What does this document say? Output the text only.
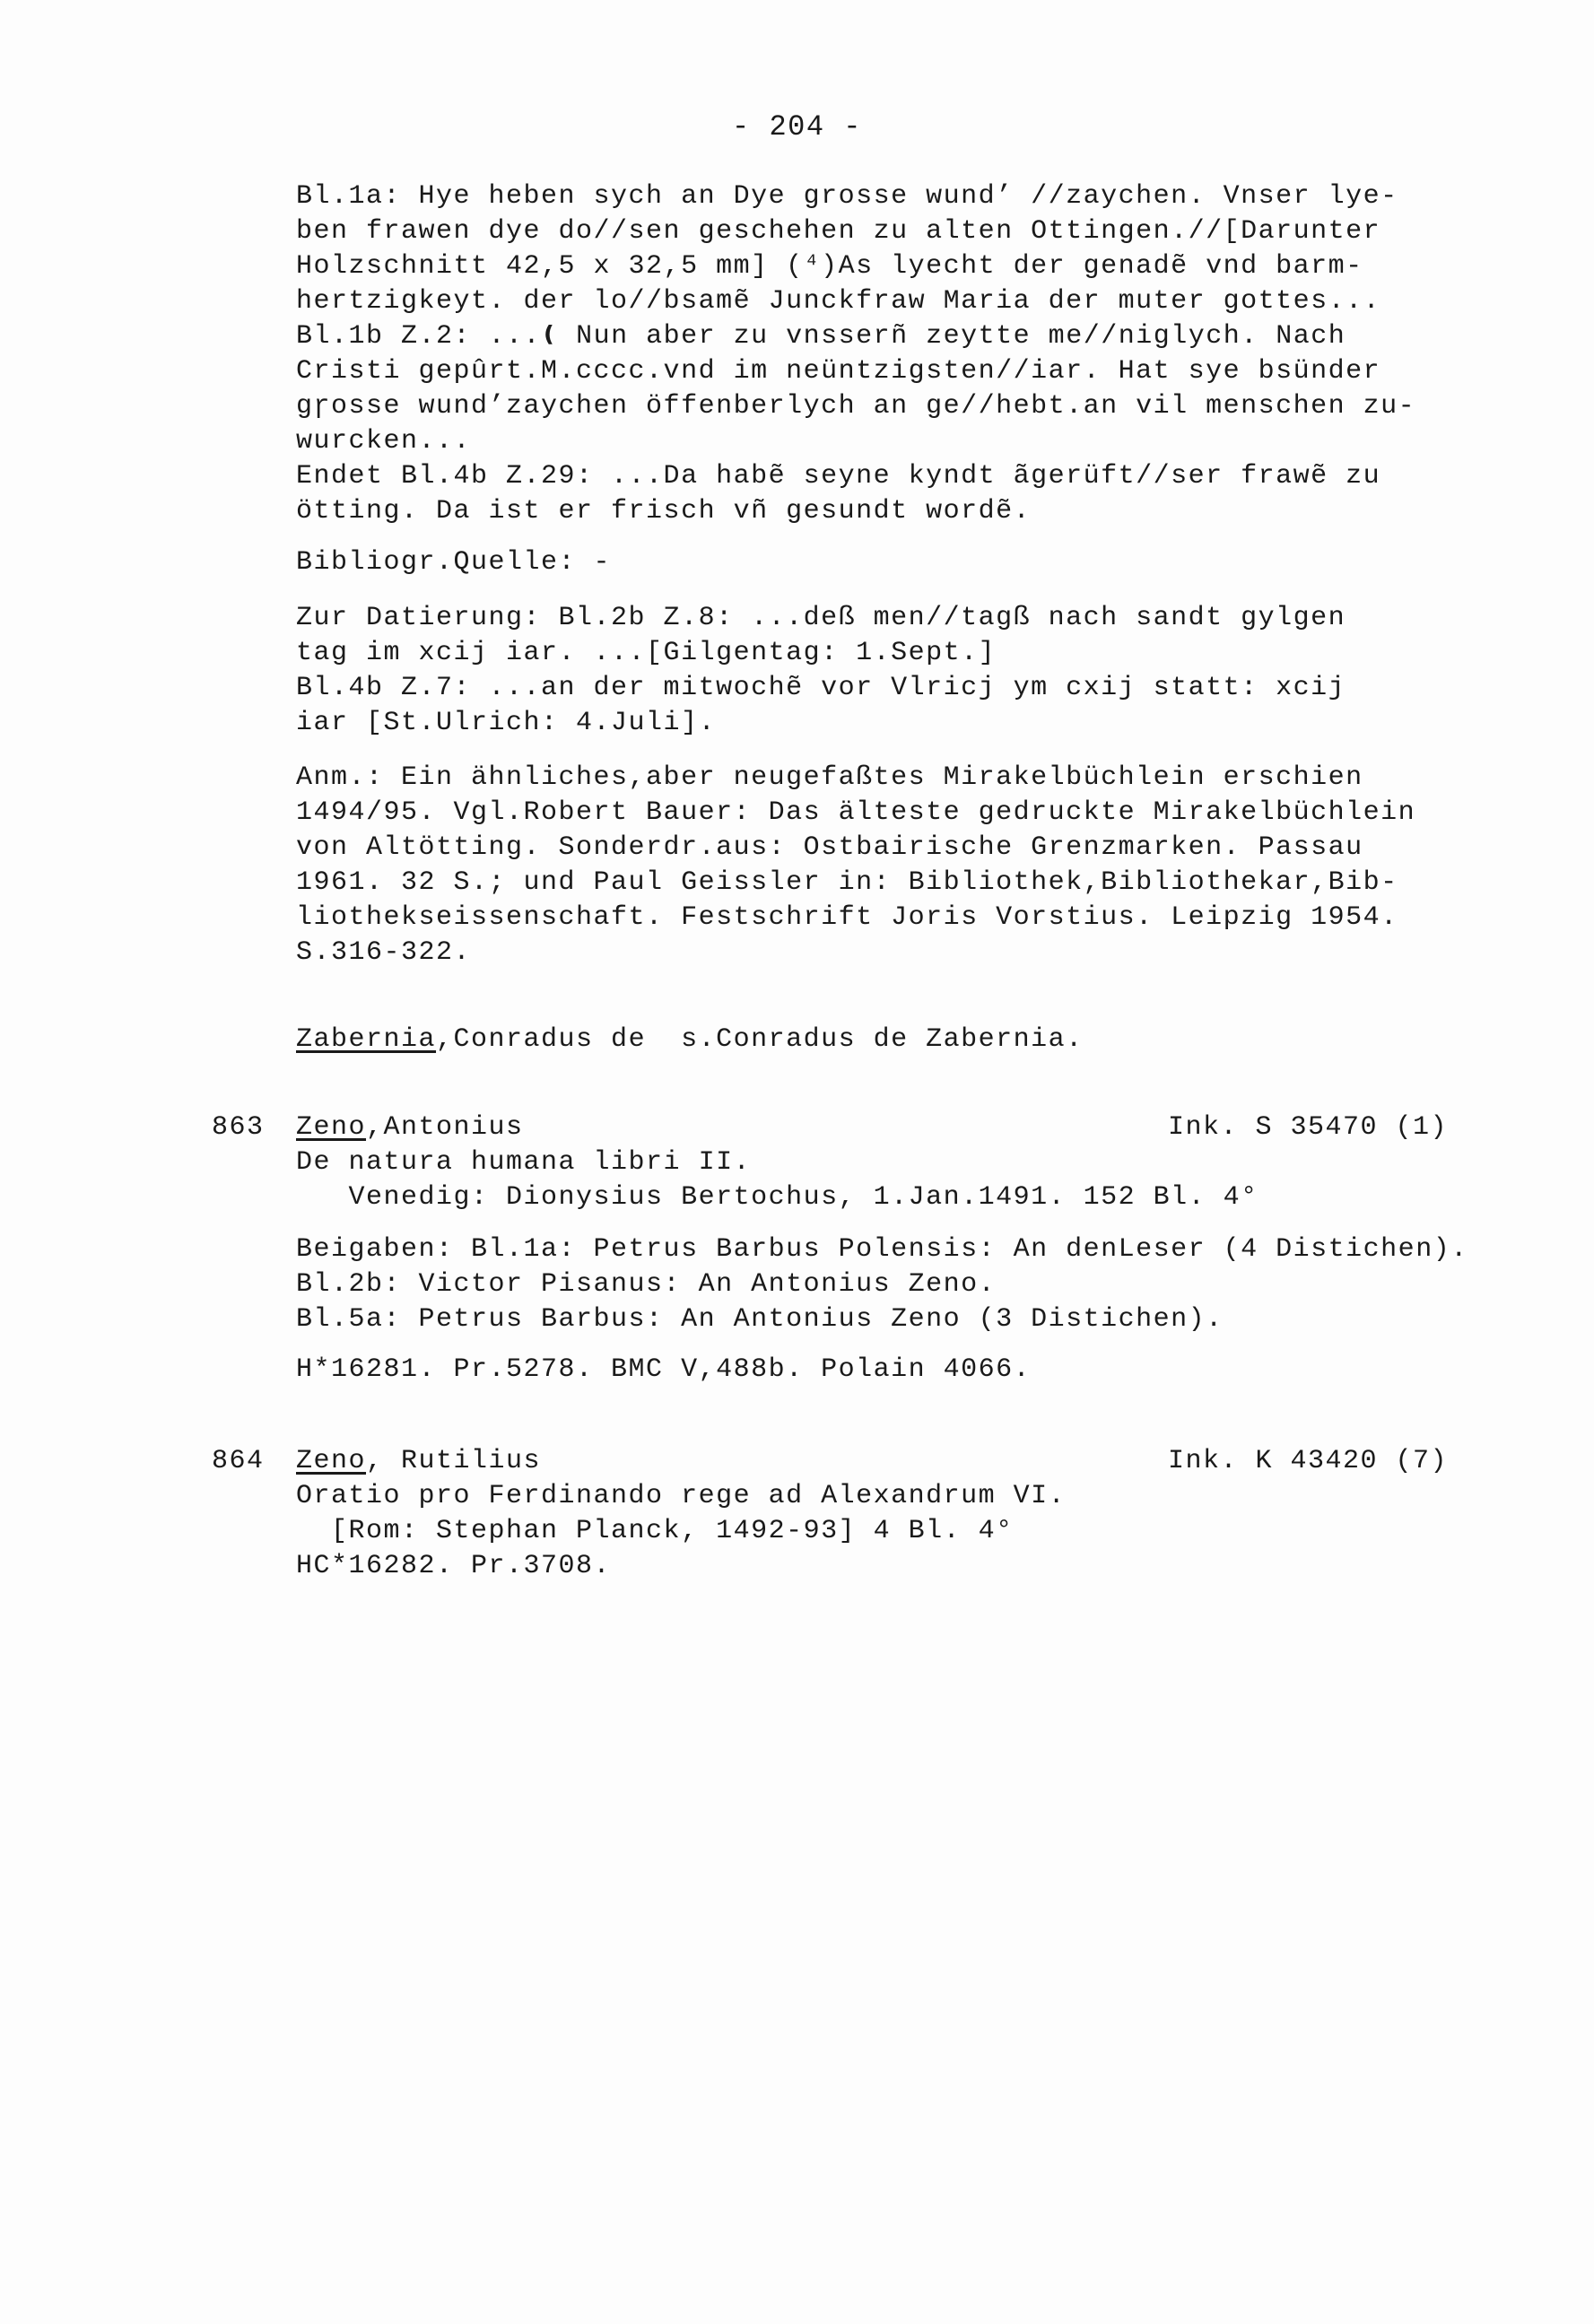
- 204 -
Bl.1a: Hye heben sych an Dye grosse wund’ //zaychen. Vnser lye-
ben frawen dye do//sen geschehen zu alten Ottingen.//[Darunter
Holzschnitt 42,5 x 32,5 mm] (⁴)As lyecht der genadẽ vnd barm-
hertzigkeyt. der lo//bsamẽ Junckfraw Maria der muter gottes...
Bl.1b Z.2: ...❪ Nun aber zu vnsserñ zeytte me//niglych. Nach
Cristi gepûrt.M.cccc.vnd im neüntzigsten//iar. Hat sye bsünder
gɼosse wund’zaychen öffenberlych an ge//hebt.an vil menschen zu-
wurcken...
Endet Bl.4b Z.29: ...Da habẽ seyne kyndt ãgerüft//ser frawẽ zu
ötting. Da ist er frisch vñ gesundt wordẽ.
Bibliogr.Quelle: -
Zur Datierung: Bl.2b Z.8: ...deß men//tagß nach sandt gylgen
tag im xcij iar. ...[Gilgentag: 1.Sept.]
Bl.4b Z.7: ...an der mitwochẽ vor Vlricj ym cxij statt: xcij
iar [St.Ulrich: 4.Juli].
Anm.: Ein ähnliches,aber neugefaßtes Mirakelbüchlein erschien
1494/95. Vgl.Robert Bauer: Das älteste gedruckte Mirakelbüchlein
von Altötting. Sonderdr.aus: Ostbairische Grenzmarken. Passau
1961. 32 S.; und Paul Geissler in: Bibliothek,Bibliothekar,Bib-
liothekseissenschaft. Festschrift Joris Vorstius. Leipzig 1954.
S.316-322.
Zabernia,Conradus de  s.Conradus de Zabernia.
863	Ink. S 35470 (1)
Zeno,Antonius
De natura humana libri II.
Venedig: Dionysius Bertochus, 1.Jan.1491. 152 Bl. 4°
Beigaben: Bl.1a: Petrus Barbus Polensis: An denLeser (4 Distichen).
Bl.2b: Victor Pisanus: An Antonius Zeno.
Bl.5a: Petrus Barbus: An Antonius Zeno (3 Distichen).
H*16281. Pr.5278. BMC V,488b. Polain 4066.
864	Ink. K 43420 (7)
Zeno, Rutilius
Oratio pro Ferdinando rege ad Alexandrum VI.
[Rom: Stephan Planck, 1492-93] 4 Bl. 4°
HC*16282. Pr.3708.
